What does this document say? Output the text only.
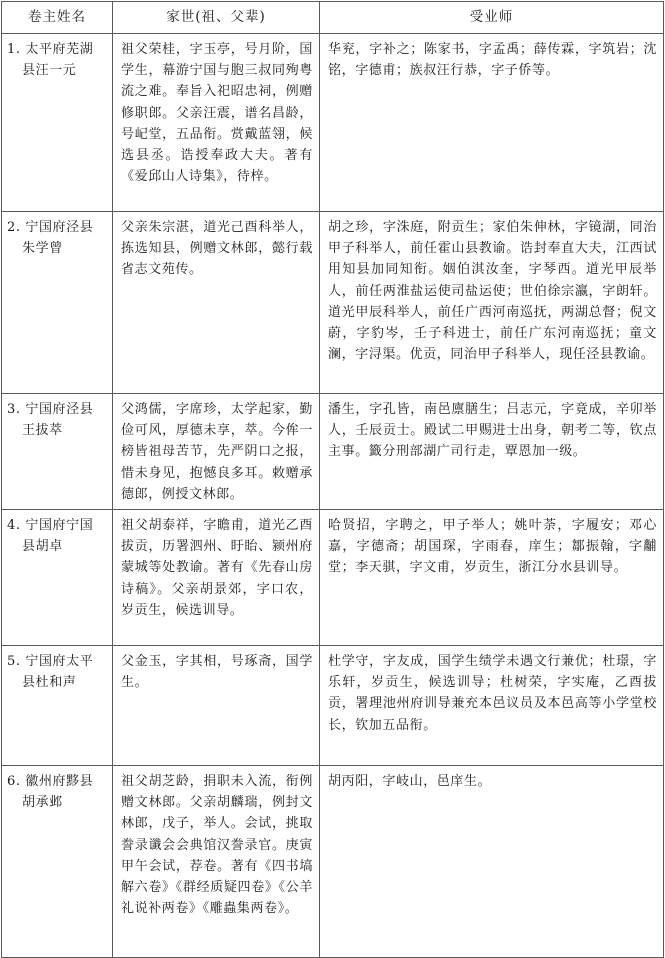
卷主姓名	家世(祖、父辈)	受业师
1. 太平府芜湖
县汪一元	祖父荣桂，字玉亭，号月阶，国学生，幕游宁国与胞三叔同殉粤流之难。奉旨入祀昭忠祠，例赠修职郎。父亲汪震，谱名昌龄，号屺堂，五品衔。赏戴蓝翎，候选县丞。诰授奉政大夫。著有《爱邱山人诗集》，待梓。	华兖，字补之；陈家书，字孟禹；薛传霖，字筑岩；沈铭，字德甫；族叔汪行恭，字子侨等。
2. 宁国府泾县
朱学曾	父亲朱宗湛，道光己酉科举人，拣选知县，例赠文林郎，懿行载省志文苑传。	胡之珍，字洙庭，附贡生；家伯朱伸林，字镜湖，同治甲子科举人，前任霍山县教谕。诰封奉直大夫，江西试用知县加同知衔。姻伯淇汝奎，字琴西。道光甲辰举人，前任两淮盐运使司盐运使；世伯徐宗瀛，字朗轩。道光甲辰科举人，前任广西河南巡抚，两湖总督；倪文蔚，字豹岑，壬子科进士，前任广东河南巡抚；童文澜，字浔渠。优贡，同治甲子科举人，现任泾县教谕。
3. 宁国府泾县
王拔萃	父鸿儒，字席珍，太学起家，勤俭可风，厚德未享，萃。今侔一榜皆祖母苦节，先严阴口之报，惜未身见，抱憾良多耳。敕赠承德郎，例授文林郎。	潘生，字孔皆，南邑廪膳生；吕志元，字竟成，辛卯举人，壬辰贡士。殿试二甲赐进士出身，朝考二等，钦点主事。籤分刑部湖广司行走，覃恩加一级。
4. 宁国府宁国
县胡卓	祖父胡泰祥，字瞻甫，道光乙酉拔贡，历署泗州、盱眙、颍州府蒙城等处教谕。著有《先春山房诗稿》。父亲胡景郊，字口农，岁贡生，候选训导。	哈贤招，字聘之，甲子举人；姚叶荼，字履安；邓心嘉，字德斋；胡国琛，字雨春，庠生；鄒振翰，字黼堂；李天骐，字文甫，岁贡生，浙江分水县训导。
5. 宁国府太平
县杜和声	父金玉，字其相，号琢斋，国学生。	杜学守，字友成，国学生绩学未遇文行兼优；杜璟，字乐轩，岁贡生，候选训导；杜树荣，字实庵，乙酉拔贡，署理池州府训导兼充本邑议员及本邑高等小学堂校长，钦加五品衔。
6. 徽州府黟县
胡承邺	祖父胡芝龄，捐职未入流，衔例赠文林郎。父亲胡麟瑞，例封文林郎，戊子，举人。会试，挑取誊录谶会会典馆汉誊录官。庚寅甲午会试，荐卷。著有《四书塙解六卷》《群经质疑四卷》《公羊礼说补两卷》《雕蟲集两卷》。	胡丙阳，字岐山，邑庠生。
